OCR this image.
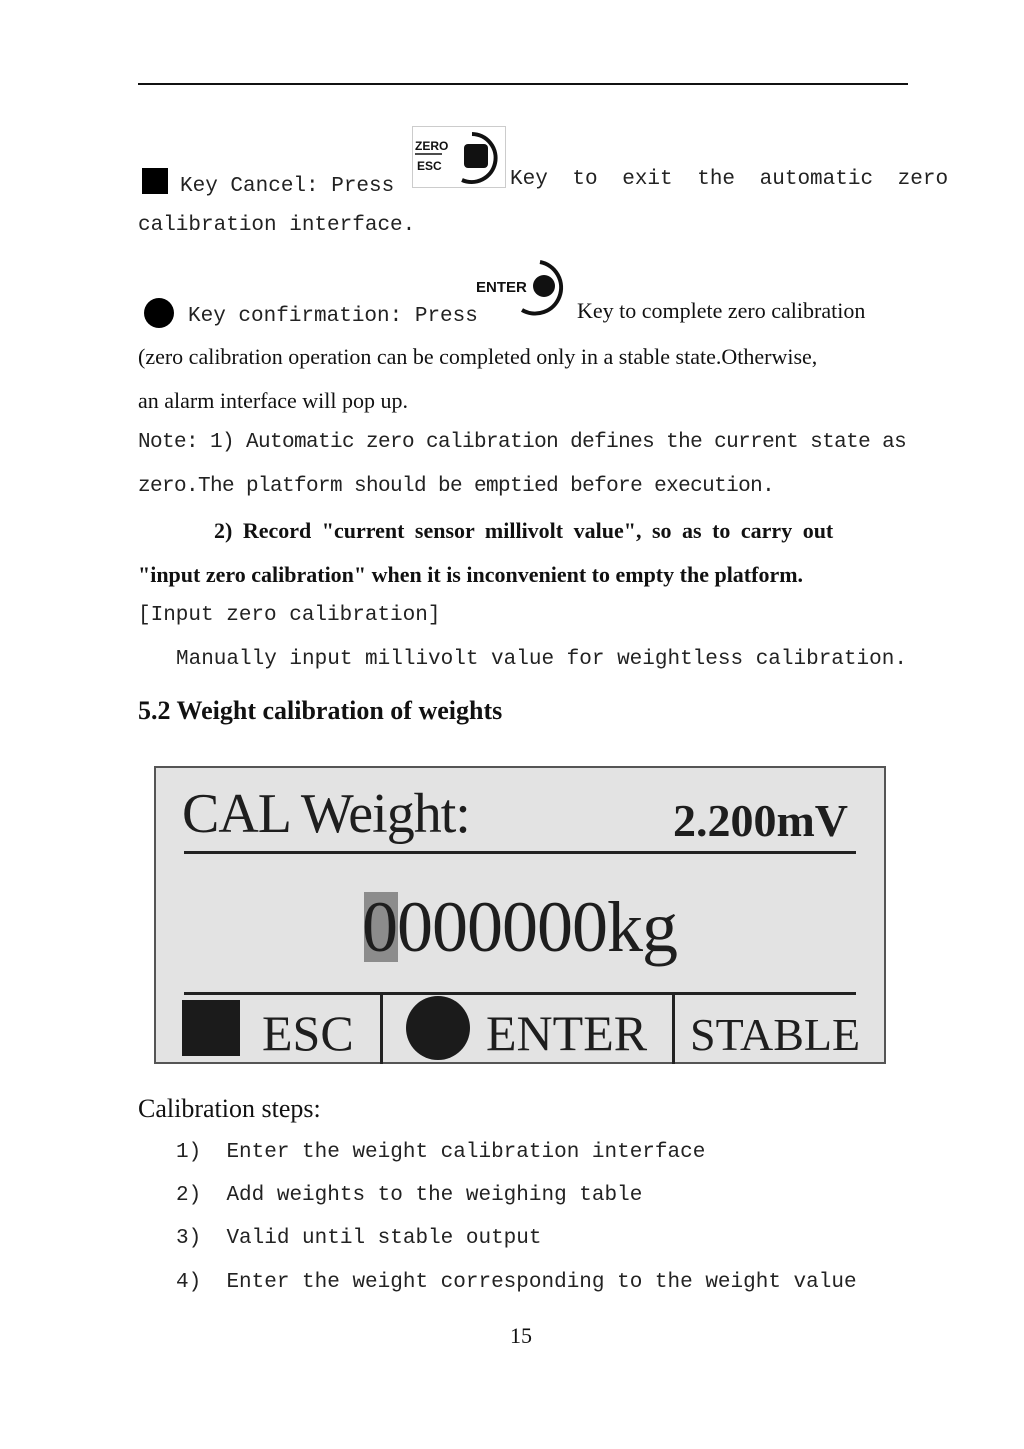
Key Cancel: Press
ZERO
ESC
Key to exit the automatic zero
calibration interface.
Key confirmation: Press
ENTER
Key to complete zero calibration
(zero calibration operation can be completed only in a stable state.Otherwise,
an alarm interface will pop up.
Note: 1) Automatic zero calibration defines the current state as
zero.The platform should be emptied before execution.
2) Record "current sensor millivolt value", so as to carry out
"input zero calibration" when it is inconvenient to empty the platform.
[Input zero calibration]
Manually input millivolt value for weightless calibration.
5.2 Weight calibration of weights
CAL Weight:	2.200mV
0000000kg
ESC	ENTER STABLE
Calibration steps:
1) Enter the weight calibration interface
2) Add weights to the weighing table
3) Valid until stable output
4) Enter the weight corresponding to the weight value
15
